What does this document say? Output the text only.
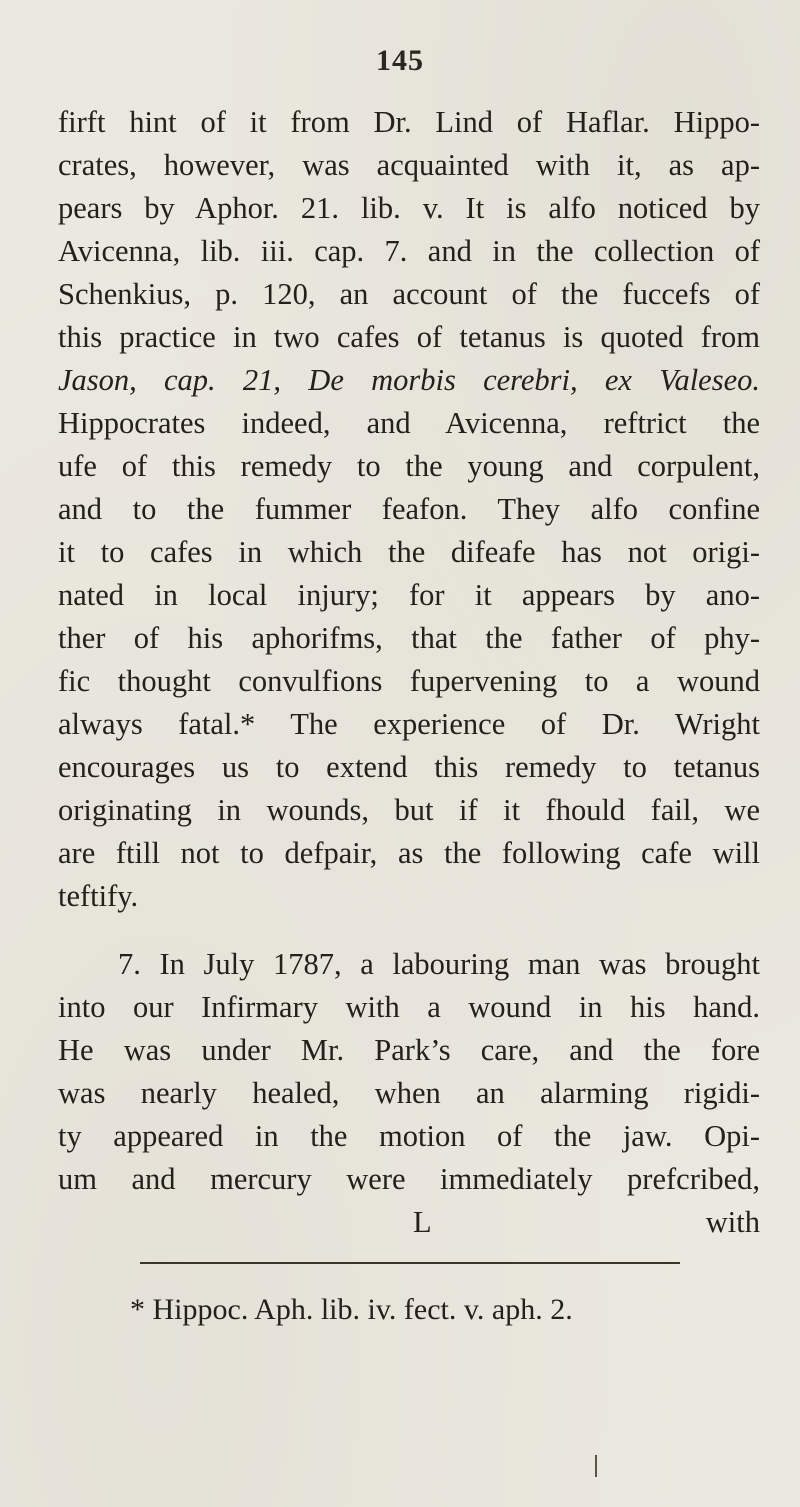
145
firft hint of it from Dr. Lind of Haflar. Hippo-
crates, however, was acquainted with it, as ap-
pears by Aphor. 21. lib. v. It is alfo noticed by
Avicenna, lib. iii. cap. 7. and in the collection of
Schenkius, p. 120, an account of the fuccefs of
this practice in two cafes of tetanus is quoted from
Jason, cap. 21, De morbis cerebri, ex Valeseo.
Hippocrates indeed, and Avicenna, reftrict the
ufe of this remedy to the young and corpulent,
and to the fummer feafon. They alfo confine
it to cafes in which the difeafe has not origi-
nated in local injury; for it appears by ano-
ther of his aphorifms, that the father of phy-
fic thought convulfions fupervening to a wound
always fatal.* The experience of Dr. Wright
encourages us to extend this remedy to tetanus
originating in wounds, but if it fhould fail, we
are ftill not to defpair, as the following cafe will
teftify.
7. In July 1787, a labouring man was brought
into our Infirmary with a wound in his hand.
He was under Mr. Park’s care, and the fore
was nearly healed, when an alarming rigidi-
ty appeared in the motion of the jaw. Opi-
um and mercury were immediately prefcribed,
L	with
* Hippoc. Aph. lib. iv. fect. v. aph. 2.
